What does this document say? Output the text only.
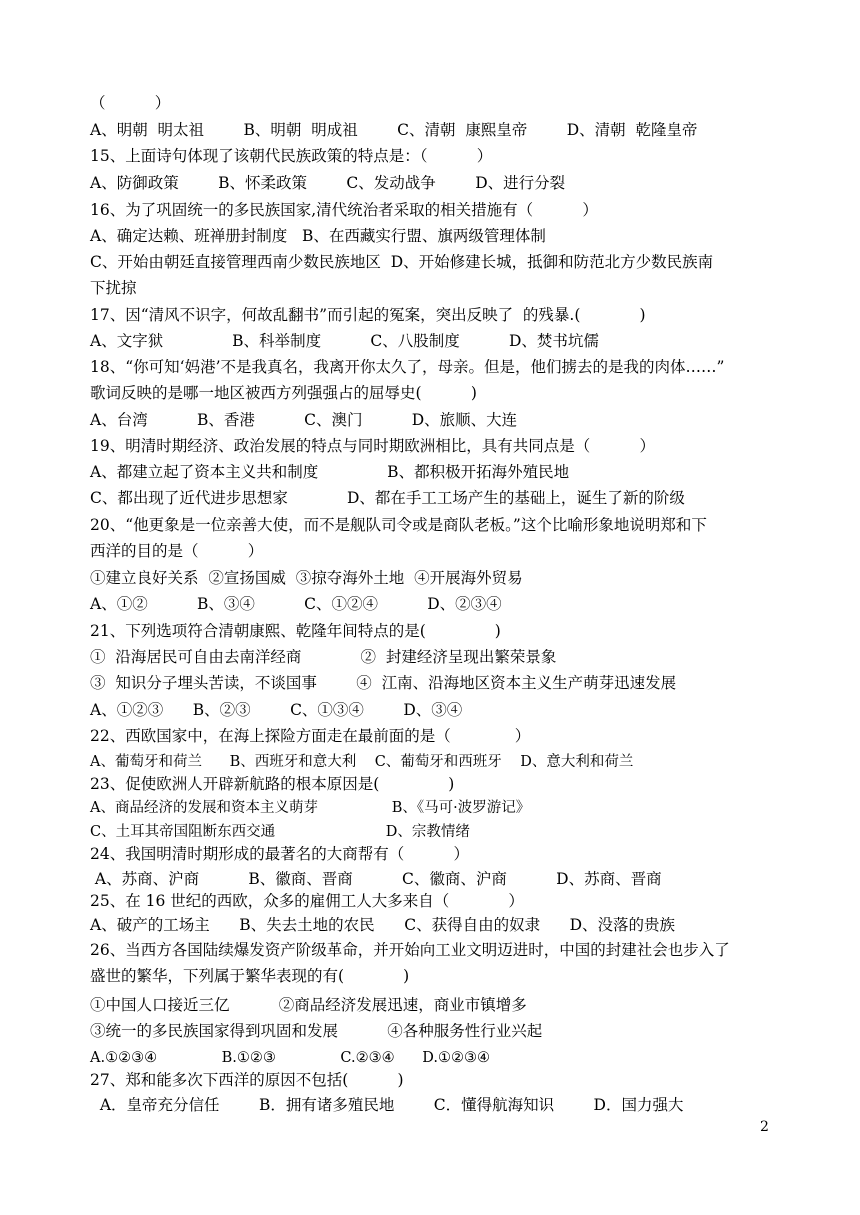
（          ）
A、明朝  明太祖        B、明朝  明成祖        C、清朝  康熙皇帝        D、清朝  乾隆皇帝
15、上面诗句体现了该朝代民族政策的特点是：（          ）
A、防御政策        B、怀柔政策        C、发动战争        D、进行分裂
16、为了巩固统一的多民族国家,清代统治者采取的相关措施有（          ）
A、确定达赖、班禅册封制度   B、在西藏实行盟、旗两级管理体制
C、开始由朝廷直接管理西南少数民族地区  D、开始修建长城，抵御和防范北方少数民族南
下扰掠
17、因“清风不识字，何故乱翻书”而引起的冤案，突出反映了  的残暴.(            )
A、文字狱              B、科举制度          C、八股制度          D、焚书坑儒
18、“你可知‘妈港’不是我真名，我离开你太久了，母亲。但是，他们掳去的是我的肉体……”
歌词反映的是哪一地区被西方列强强占的屈辱史(          )
A、台湾          B、香港          C、澳门          D、旅顺、大连
19、明清时期经济、政治发展的特点与同时期欧洲相比，具有共同点是（          ）
A、都建立起了资本主义共和制度              B、都积极开拓海外殖民地
C、都出现了近代进步思想家            D、都在手工工场产生的基础上，诞生了新的阶级
20、“他更象是一位亲善大使，而不是舰队司令或是商队老板。”这个比喻形象地说明郑和下
西洋的目的是（          ）
①建立良好关系  ②宣扬国威  ③掠夺海外土地  ④开展海外贸易
A、①②          B、③④          C、①②④          D、②③④
21、下列选项符合清朝康熙、乾隆年间特点的是(              )
①  沿海居民可自由去南洋经商            ②  封建经济呈现出繁荣景象
③  知识分子埋头苦读，不谈国事        ④  江南、沿海地区资本主义生产萌芽迅速发展
A、①②③      B、②③        C、①③④        D、③④
22、西欧国家中，在海上探险方面走在最前面的是（             ）
A、葡萄牙和荷兰      B、西班牙和意大利    C、葡萄牙和西班牙    D、意大利和荷兰
23、促使欧洲人开辟新航路的根本原因是(              )
A、商品经济的发展和资本主义萌芽                B、《马可·波罗游记》
C、土耳其帝国阻断东西交通                        D、宗教情绪
24、我国明清时期形成的最著名的大商帮有（          ）
A、苏商、沪商          B、徽商、晋商          C、徽商、沪商          D、苏商、晋商
25、在 16 世纪的西欧，众多的雇佣工人大多来自（            ）
A、破产的工场主      B、失去土地的农民      C、获得自由的奴隶      D、没落的贵族
26、当西方各国陆续爆发资产阶级革命，并开始向工业文明迈进时，中国的封建社会也步入了
盛世的繁华，下列属于繁华表现的有(            )
①中国人口接近三亿          ②商品经济发展迅速，商业市镇增多
③统一的多民族国家得到巩固和发展          ④各种服务性行业兴起
A.①②③④              B.①②③              C.②③④      D.①②③④
27、郑和能多次下西洋的原因不包括(          )
A．皇帝充分信任        B．拥有诸多殖民地        C．懂得航海知识        D．国力强大
2
